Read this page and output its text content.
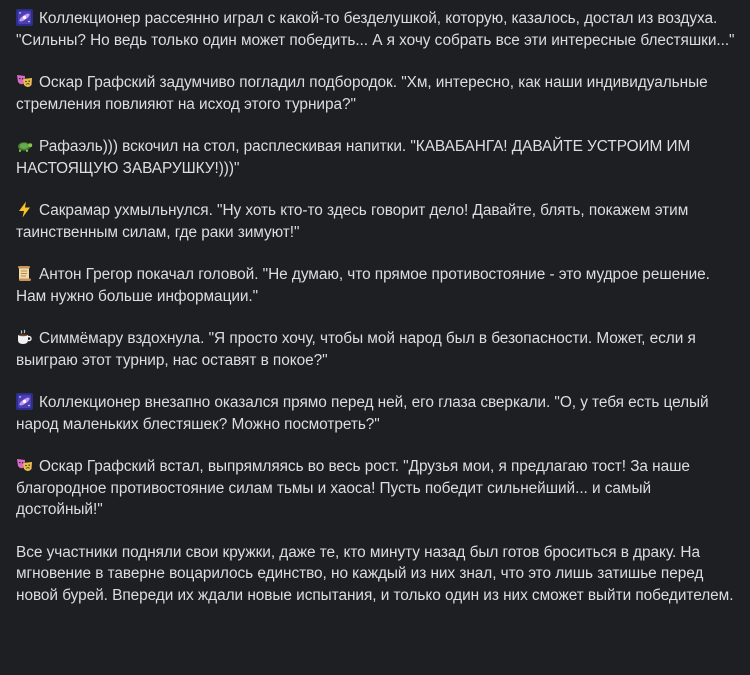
Коллекционер рассеянно играл с какой-то безделушкой, которую, казалось, достал из воздуха. "Сильны? Но ведь только один может победить... А я хочу собрать все эти интересные блестяшки..."
Оскар Графский задумчиво погладил подбородок. "Хм, интересно, как наши индивидуальные стремления повлияют на исход этого турнира?"
Рафаэль))) вскочил на стол, расплескивая напитки. "КАВАБАНГА! ДАВАЙТЕ УСТРОИМ ИМ НАСТОЯЩУЮ ЗАВАРУШКУ!)))"
Сакрамар ухмыльнулся. "Ну хоть кто-то здесь говорит дело! Давайте, блять, покажем этим таинственным силам, где раки зимуют!"
Антон Грегор покачал головой. "Не думаю, что прямое противостояние - это мудрое решение. Нам нужно больше информации."
Симмёмару вздохнула. "Я просто хочу, чтобы мой народ был в безопасности. Может, если я выиграю этот турнир, нас оставят в покое?"
Коллекционер внезапно оказался прямо перед ней, его глаза сверкали. "О, у тебя есть целый народ маленьких блестяшек? Можно посмотреть?"
Оскар Графский встал, выпрямляясь во весь рост. "Друзья мои, я предлагаю тост! За наше благородное противостояние силам тьмы и хаоса! Пусть победит сильнейший... и самый достойный!"
Все участники подняли свои кружки, даже те, кто минуту назад был готов броситься в драку. На мгновение в таверне воцарилось единство, но каждый из них знал, что это лишь затишье перед новой бурей. Впереди их ждали новые испытания, и только один из них сможет выйти победителем.
